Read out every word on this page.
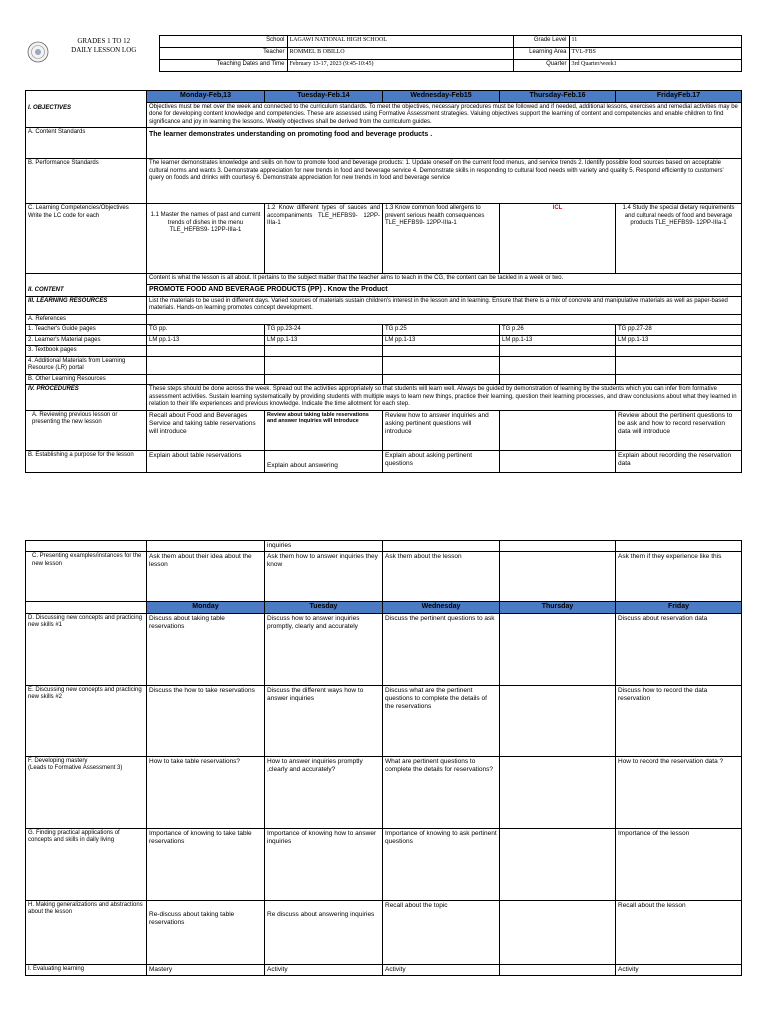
GRADES 1 TO 12
DAILY LESSON LOG	School	LAGAWI NATIONAL HIGH SCHOOL	Grade Level	11
		Teacher	ROMMEL B OBILLO	Learning Area	TVL-FBS
		Teaching Dates and Time	February 13-17, 2023 (9:45-10:45)	Quarter	3rd Quarter/week1
I. OBJECTIVES	Monday-Feb,13	Tuesday-Feb.14	Wednesday-Feb15	Thursday-Feb.16	FridayFeb.17
	Objectives must be met over the week and connected to the curriculum standards. To meet the objectives, necessary procedures must be followed and if needed, additional lessons, exercises and remedial activities may be done for developing content knowledge and competencies. These are assessed using Formative Assessment strategies. Valuing objectives support the learning of content and competencies and enable children to find significance and joy in learning the lessons. Weekly objectives shall be derived from the curriculum guides.				
A. Content Standards	The learner demonstrates understanding on promoting food and beverage products .				
B. Performance Standards	The learner demonstrates knowledge and skills on how to promote food and beverage products: 1. Update oneself on the current food menus, and service trends 2. Identify possible food sources based on acceptable cultural norms and wants 3. Demonstrate appreciation for new trends in food and beverage service 4. Demonstrate skills in responding to cultural food needs with variety and quality 5. Respond efficiently to customers' query on foods and drinks with courtesy 6. Demonstrate appreciation for new trends in food and beverage service				
C. Learning Competencies/Objectives
Write the LC code for each	1.1 Master the names of past and current trends of dishes in the menu TLE_HEFBS9- 12PP-IIIa-1	1.2 Know different types of sauces and accompaniments TLE_HEFBS9- 12PP-IIIa-1	1.3 Know common food allergens to prevent serious health consequences TLE_HEFBS9- 12PP-IIIa-1	ICL	1.4 Study the special dietary requirements and cultural needs of food and beverage products TLE_HEFBS9- 12PP-IIIa-1
II. CONTENT	Content is what the lesson is all about. It pertains to the subject matter that the teacher aims to teach in the CG, the content can be tackled in a week or two.				
	PROMOTE FOOD AND BEVERAGE PRODUCTS (PP) . Know the Product				
III. LEARNING RESOURCES	List the materials to be used in different days. Varied sources of materials sustain children's interest in the lesson and in learning. Ensure that there is a mix of concrete and manipulative materials as well as paper-based materials. Hands-on learning promotes concept development.				
A. References					
1. Teacher's Guide pages	TG pp.	TG pp.23-24	TG p.25	TG p.26	TG pp.27-28
2. Learner's Material pages	LM pp.1-13	LM pp.1-13	LM pp.1-13	LM pp.1-13	LM pp.1-13
3. Textbook pages					
4. Additional Materials from Learning Resource (LR) portal					
B. Other Learning Resources					
IV. PROCEDURES	These steps should be done across the week. Spread out the activities appropriately so that students will learn well. Always be guided by demonstration of learning by the students which you can infer from formative assessment activities. Sustain learning systematically by providing students with multiple ways to learn new things, practice their learning, question their learning processes, and draw conclusions about what they learned in relation to their life experiences and previous knowledge. Indicate the time allotment for each step.				
A. Reviewing previous lesson or presenting the new lesson	Recall about Food and Beverages Service and taking table reservations will introduce	Review about taking table reservations and answer inquiries will introduce	Review how to answer inquiries and asking pertinent questions will introduce		Review about the pertinent questions to be ask and how to record reservation data will introduce
B. Establishing a purpose for the lesson	Explain about table reservations	Explain about answering	Explain about asking pertinent questions		Explain about recording the reservation data
		inquiries			
C. Presenting examples/instances for the new lesson	Ask them about their idea about the lesson	Ask them how to answer inquiries they know	Ask them about the lesson		Ask them if they experience like this
	Monday	Tuesday	Wednesday	Thursday	Friday
D. Discussing new concepts and practicing new skills #1	Discuss about taking table reservations	Discuss how to answer inquiries promptly, clearly and accurately	Discuss the pertinent questions to ask		Discuss about reservation data
E. Discussing new concepts and practicing new skills #2	Discuss the how to take reservations	Discuss the different ways how to answer inquiries	Discuss what are the pertinent questions to complete the details of the reservations		Discuss how to record the data reservation
F. Developing mastery
(Leads to Formative Assessment 3)	How to take table reservations?	How to answer inquiries promptly ,clearly and accurately?	What are pertinent questions to complete the details for reservations?		How to record the reservation data ?
G. Finding practical applications of concepts and skills in daily living	Importance of knowing to take table reservations	Importance of knowing how to answer inquiries	Importance of knowing to ask pertinent questions		Importance of the lesson
H. Making generalizations and abstractions about the lesson	Re-discuss about taking table reservations	Re discuss about answering inquiries	Recall about the topic		Recall about the lesson
I. Evaluating learning	Mastery	Activity	Activity		Activity
